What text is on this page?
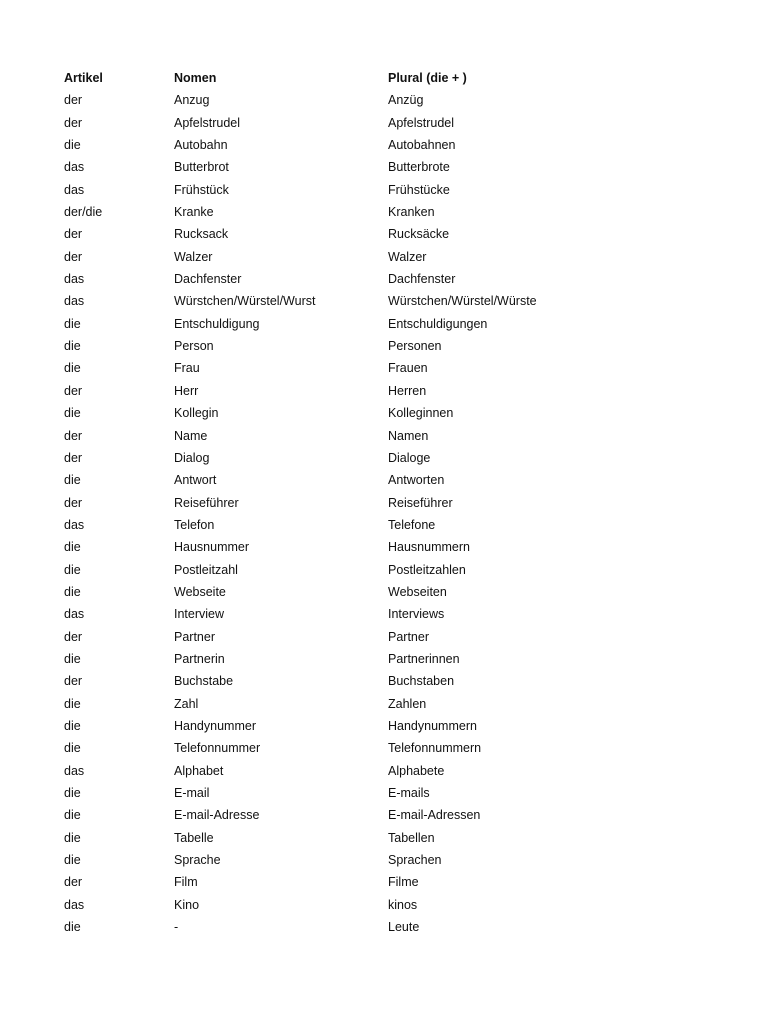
Artikel	Nomen	Plural (die + )
der	Anzug	Anzüg
der	Apfelstrudel	Apfelstrudel
die	Autobahn	Autobahnen
das	Butterbrot	Butterbrote
das	Frühstück	Frühstücke
der/die	Kranke	Kranken
der	Rucksack	Rucksäcke
der	Walzer	Walzer
das	Dachfenster	Dachfenster
das	Würstchen/Würstel/Wurst	Würstchen/Würstel/Würste
die	Entschuldigung	Entschuldigungen
die	Person	Personen
die	Frau	Frauen
der	Herr	Herren
die	Kollegin	Kolleginnen
der	Name	Namen
der	Dialog	Dialoge
die	Antwort	Antworten
der	Reiseführer	Reiseführer
das	Telefon	Telefone
die	Hausnummer	Hausnummern
die	Postleitzahl	Postleitzahlen
die	Webseite	Webseiten
das	Interview	Interviews
der	Partner	Partner
die	Partnerin	Partnerinnen
der	Buchstabe	Buchstaben
die	Zahl	Zahlen
die	Handynummer	Handynummern
die	Telefonnummer	Telefonnummern
das	Alphabet	Alphabete
die	E-mail	E-mails
die	E-mail-Adresse	E-mail-Adressen
die	Tabelle	Tabellen
die	Sprache	Sprachen
der	Film	Filme
das	Kino	kinos
die	-	Leute
